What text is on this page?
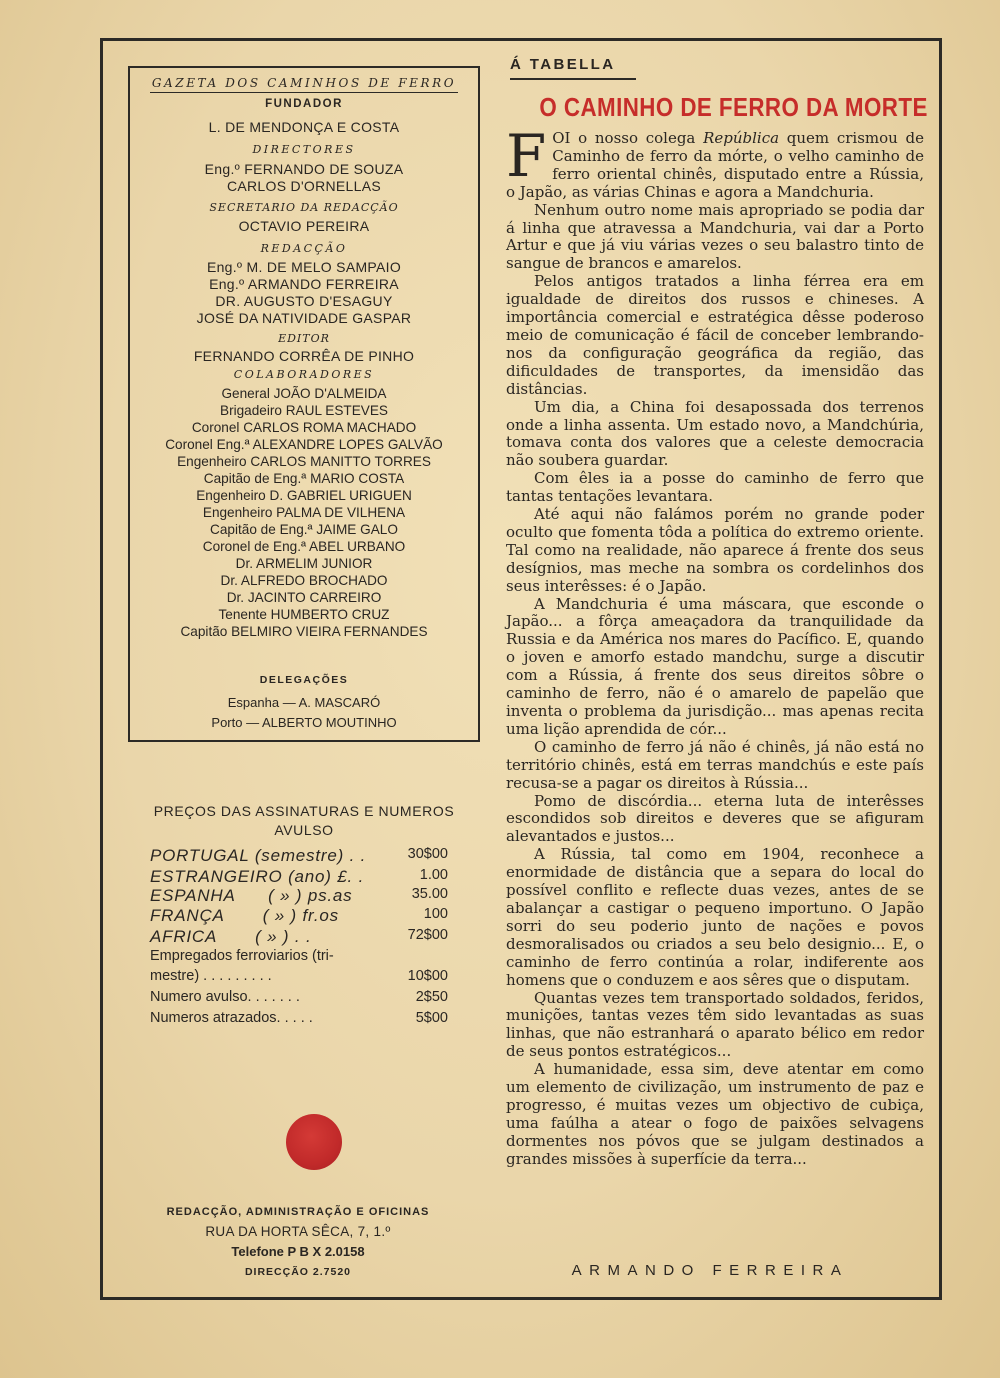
GAZETA DOS CAMINHOS DE FERRO
FUNDADOR
L. DE MENDONÇA E COSTA
DIRECTORES
Eng.º FERNANDO DE SOUZA
CARLOS D'ORNELLAS
SECRETARIO DA REDACÇÃO
OCTAVIO PEREIRA
REDACÇÃO
Eng.º M. DE MELO SAMPAIO
Eng.º ARMANDO FERREIRA
DR. AUGUSTO D'ESAGUY
JOSÉ DA NATIVIDADE GASPAR
EDITOR
FERNANDO CORRÊA DE PINHO
COLABORADORES
General JOÃO D'ALMEIDA
Brigadeiro RAUL ESTEVES
Coronel CARLOS ROMA MACHADO
Coronel Eng.ª ALEXANDRE LOPES GALVÃO
Engenheiro CARLOS MANITTO TORRES
Capitão de Eng.ª MARIO COSTA
Engenheiro D. GABRIEL URIGUEN
Engenheiro PALMA DE VILHENA
Capitão de Eng.ª JAIME GALO
Coronel de Eng.ª ABEL URBANO
Dr. ARMELIM JUNIOR
Dr. ALFREDO BROCHADO
Dr. JACINTO CARREIRO
Tenente HUMBERTO CRUZ
Capitão BELMIRO VIEIRA FERNANDES
DELEGAÇÕES
Espanha — A. MASCARÓ
Porto — ALBERTO MOUTINHO
PREÇOS DAS ASSINATURAS E NUMEROS
AVULSO
PORTUGAL (semestre) . .	30$00
ESTRANGEIRO (ano) £. .	1.00
ESPANHA      ( » ) ps.as	35.00
FRANÇA       ( » ) fr.os	100
AFRICA       ( » ) . .	72$00
Empregados ferroviarios (tri-
mestre) . . . . . . . . .	10$00
Numero avulso. . . . . . .	2$50
Numeros atrazados. . . . .	5$00
REDACÇÃO, ADMINISTRAÇÃO E OFICINAS
RUA DA HORTA SÊCA, 7, 1.º
Telefone P B X 2.0158
DIRECÇÃO 2.7520
Á TABELLA
O CAMINHO DE FERRO DA MORTE

FOI o nosso colega República quem crismou de Caminho de ferro da mórte, o velho caminho de ferro oriental chinês, disputado entre a Rússia, o Japão, as várias Chinas e agora a Mandchuria.

Nenhum outro nome mais apropriado se podia dar á linha que atravessa a Mandchuria, vai dar a Porto Artur e que já viu várias vezes o seu balastro tinto de sangue de brancos e amarelos.

Pelos antigos tratados a linha férrea era em igualdade de direitos dos russos e chineses. A importância comercial e estratégica dêsse poderoso meio de comunicação é fácil de conceber lembrando-nos da configuração geográfica da região, das dificuldades de transportes, da imensidão das distâncias.

Um dia, a China foi desapossada dos terrenos onde a linha assenta. Um estado novo, a Mandchúria, tomava conta dos valores que a celeste democracia não soubera guardar.

Com êles ia a posse do caminho de ferro que tantas tentações levantara.

Até aqui não falámos porém no grande poder oculto que fomenta tôda a política do extremo oriente. Tal como na realidade, não aparece á frente dos seus desígnios, mas meche na sombra os cordelinhos dos seus interêsses: é o Japão.

A Mandchuria é uma máscara, que esconde o Japão... a fôrça ameaçadora da tranquilidade da Russia e da América nos mares do Pacífico. E, quando o joven e amorfo estado mandchu, surge a discutir com a Rússia, á frente dos seus direitos sôbre o caminho de ferro, não é o amarelo de papelão que inventa o problema da jurisdição... mas apenas recita uma lição aprendida de cór...

O caminho de ferro já não é chinês, já não está no território chinês, está em terras mandchús e este país recusa-se a pagar os direitos à Rússia...

Pomo de discórdia... eterna luta de interêsses escondidos sob direitos e deveres que se afiguram alevantados e justos...

A Rússia, tal como em 1904, reconhece a enormidade de distância que a separa do local do possível conflito e reflecte duas vezes, antes de se abalançar a castigar o pequeno importuno. O Japão sorri do seu poderio junto de nações e povos desmoralisados ou criados a seu belo designio... E, o caminho de ferro continúa a rolar, indiferente aos homens que o conduzem e aos sêres que o disputam.

Quantas vezes tem transportado soldados, feridos, munições, tantas vezes têm sido levantadas as suas linhas, que não estranhará o aparato bélico em redor de seus pontos estratégicos...

A humanidade, essa sim, deve atentar em como um elemento de civilização, um instrumento de paz e progresso, é muitas vezes um objectivo de cubiça, uma faúlha a atear o fogo de paixões selvagens dormentes nos póvos que se julgam destinados a grandes missões à superfície da terra...

ARMANDO FERREIRA
